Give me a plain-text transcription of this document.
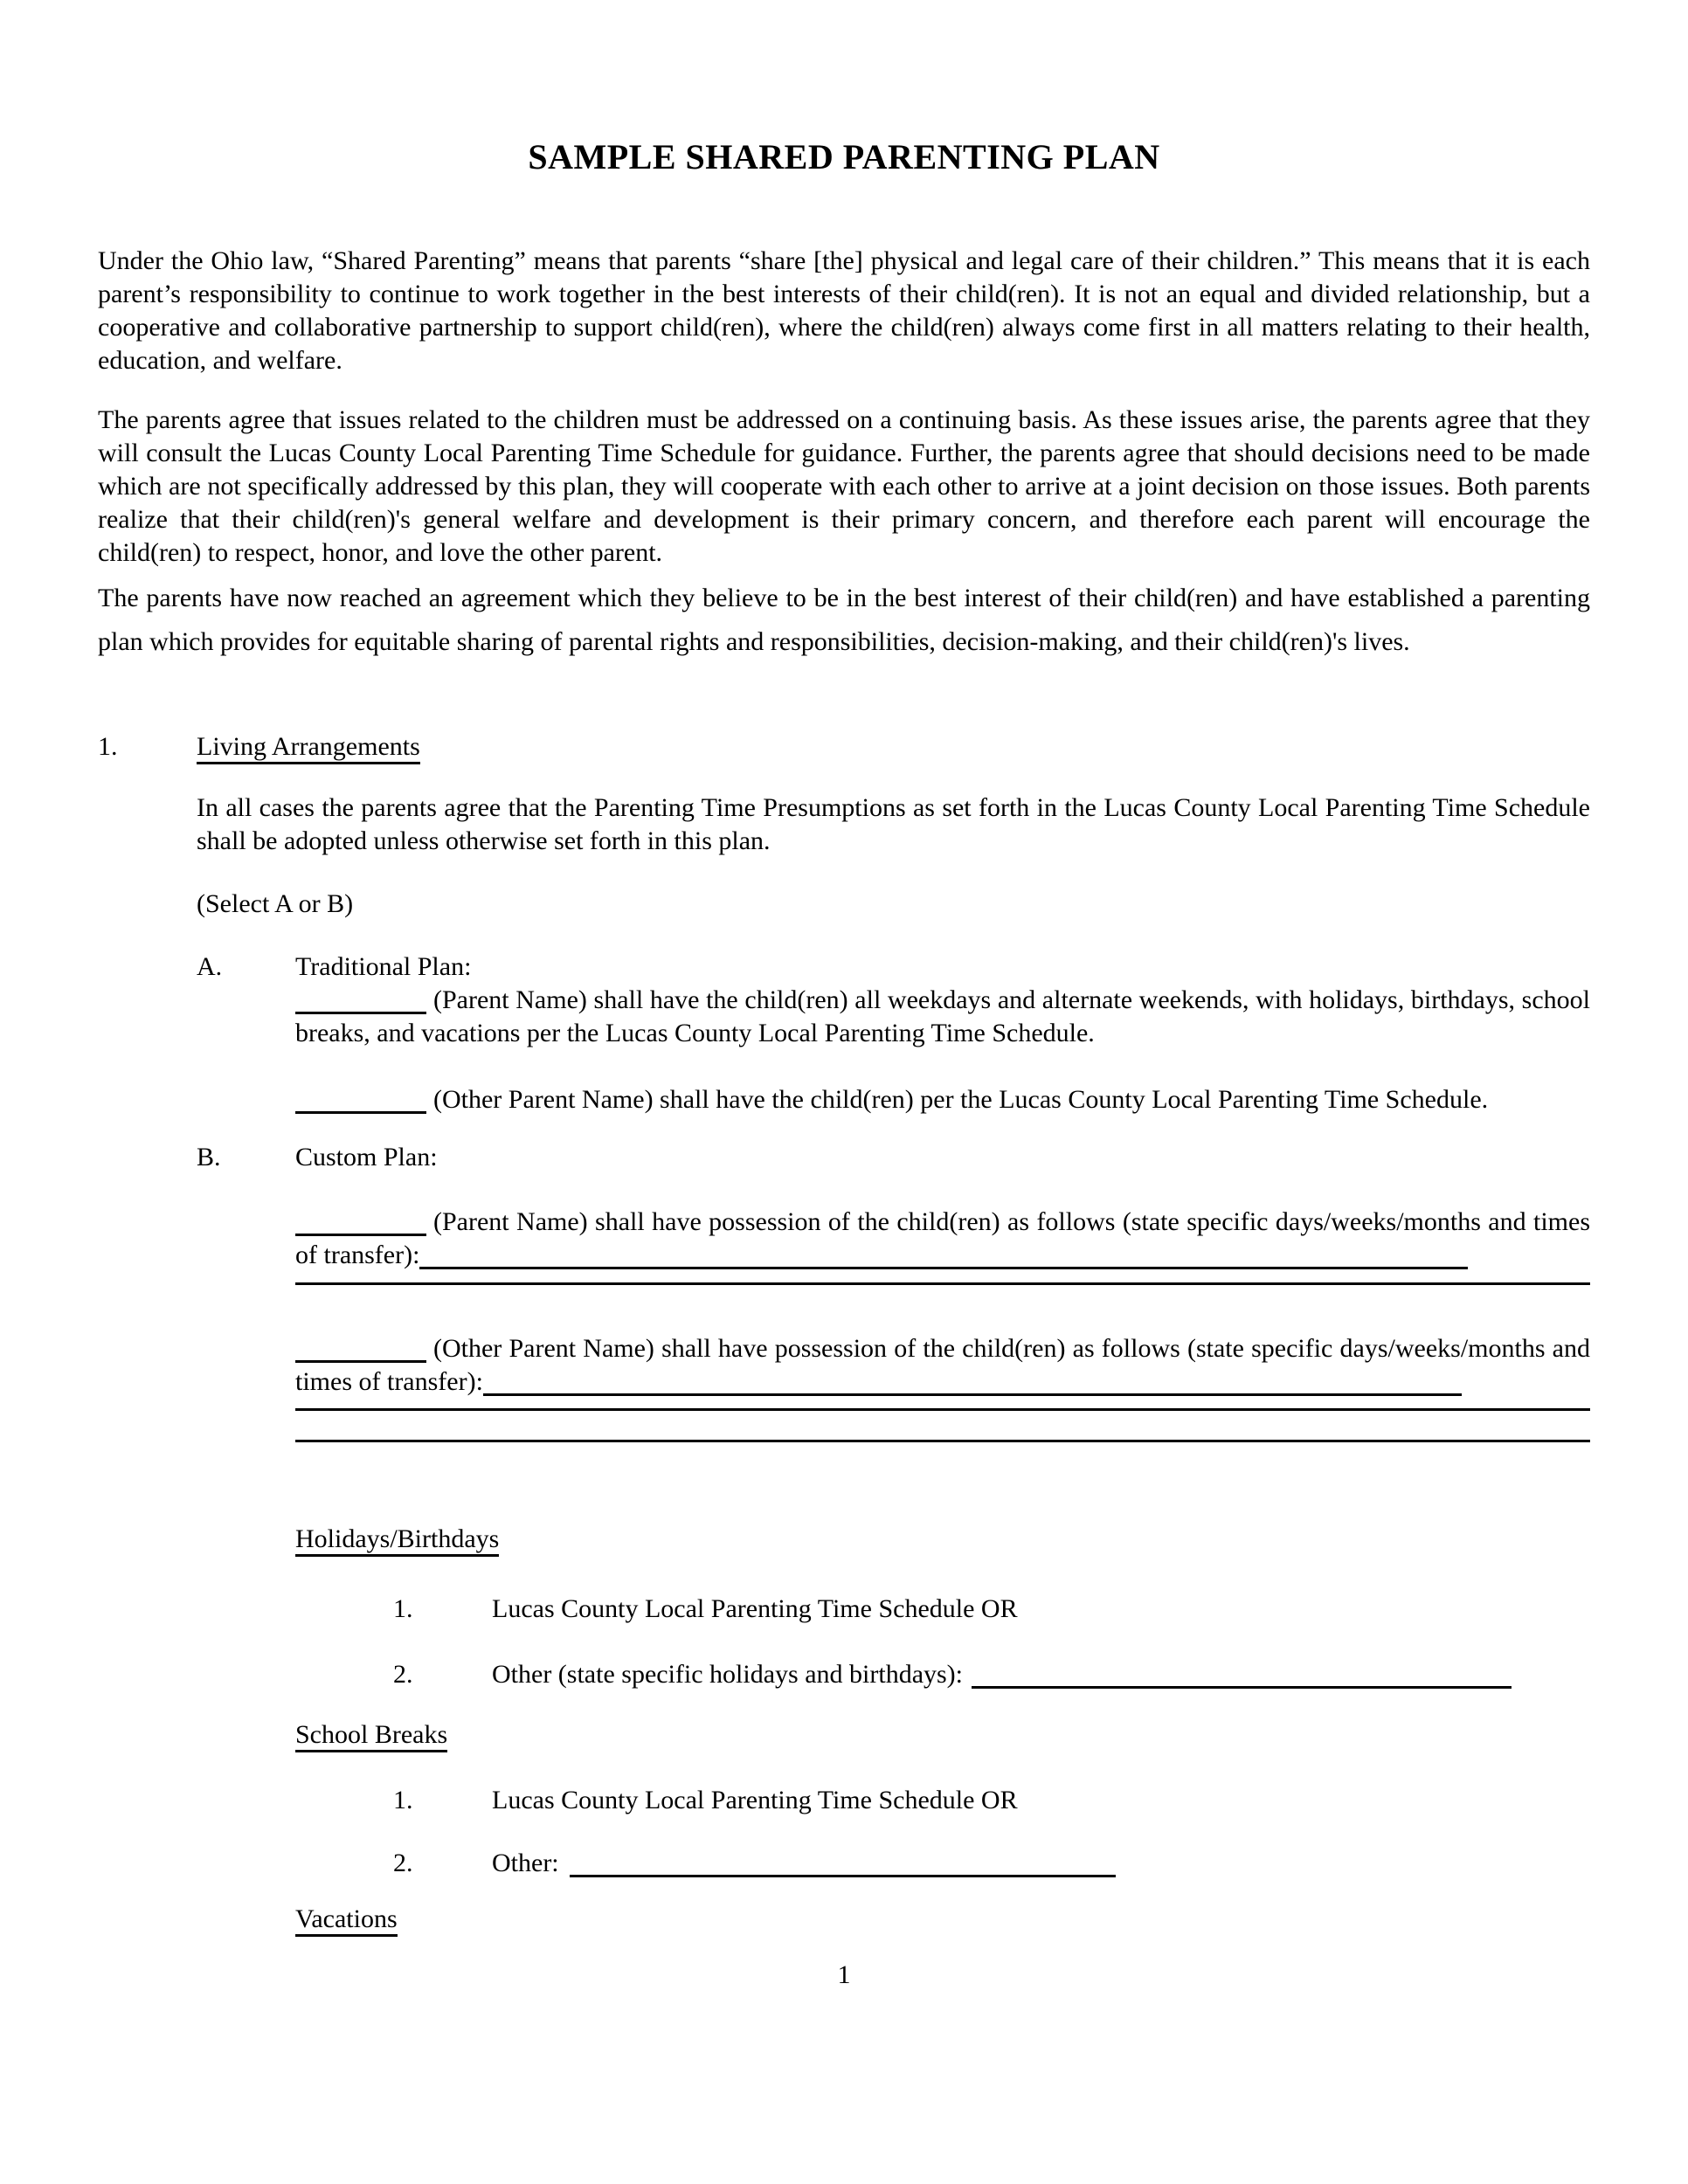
SAMPLE SHARED PARENTING PLAN

Under the Ohio law, “Shared Parenting” means that parents “share [the] physical and legal care of their children.” This means that it is each parent’s responsibility to continue to work together in the best interests of their child(ren). It is not an equal and divided relationship, but a cooperative and collaborative partnership to support child(ren), where the child(ren) always come first in all matters relating to their health, education, and welfare.

The parents agree that issues related to the children must be addressed on a continuing basis. As these issues arise, the parents agree that they will consult the Lucas County Local Parenting Time Schedule for guidance. Further, the parents agree that should decisions need to be made which are not specifically addressed by this plan, they will cooperate with each other to arrive at a joint decision on those issues. Both parents realize that their child(ren)'s general welfare and development is their primary concern, and therefore each parent will encourage the child(ren) to respect, honor, and love the other parent.

The parents have now reached an agreement which they believe to be in the best interest of their child(ren) and have established a parenting plan which provides for equitable sharing of parental rights and responsibilities, decision-making, and their child(ren)'s lives.

1.	Living Arrangements

In all cases the parents agree that the Parenting Time Presumptions as set forth in the Lucas County Local Parenting Time Schedule shall be adopted unless otherwise set forth in this plan.

(Select A or B)

A.	Traditional Plan:

(Parent Name) shall have the child(ren) all weekdays and alternate weekends, with holidays, birthdays, school breaks, and vacations per the Lucas County Local Parenting Time Schedule.

(Other Parent Name) shall have the child(ren) per the Lucas County Local Parenting Time Schedule.

B.	Custom Plan:

(Parent Name) shall have possession of the child(ren) as follows (state specific days/weeks/months and times of transfer):

(Other Parent Name) shall have possession of the child(ren) as follows (state specific days/weeks/months and times of transfer):

Holidays/Birthdays

1.	Lucas County Local Parenting Time Schedule OR
2.	Other (state specific holidays and birthdays):

School Breaks

1.	Lucas County Local Parenting Time Schedule OR
2.	Other:

Vacations

1
